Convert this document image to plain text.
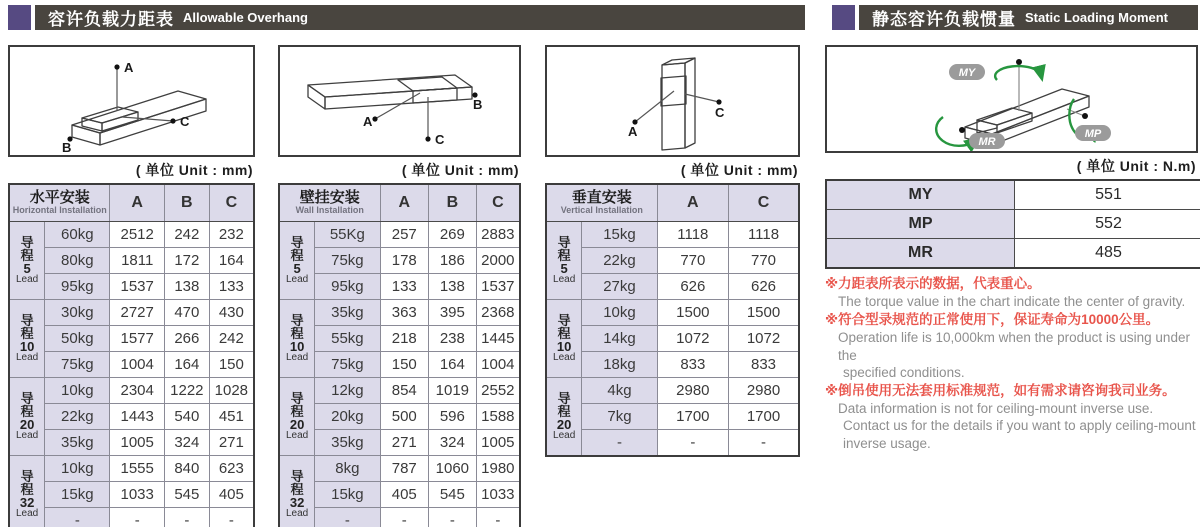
容许负载力距表 Allowable Overhang	静态容许负载惯量 Static Loading Moment
A
C
B
( 单位 Unit : mm)
水平安装
Horizontal Installation		A	B	C

导
程
5
Lead	60kg	2512	242	232
	80kg	1811	172	164
	95kg	1537	138	133

导
程
10
Lead	30kg	2727	470	430
	50kg	1577	266	242
	75kg	1004	164	150

导
程
20
Lead	10kg	2304	1222	1028
	22kg	1443	540	451
	35kg	1005	324	271

导
程
32
Lead	10kg	1555	840	623
	15kg	1033	545	405
	-	-	-	-
A
C
B
( 单位 Unit : mm)
壁挂安装
Wall Installation		A	B	C

导
程
5
Lead	55Kg	257	269	2883
	75kg	178	186	2000
	95kg	133	138	1537

导
程
10
Lead	35kg	363	395	2368
	55kg	218	238	1445
	75kg	150	164	1004

导
程
20
Lead	12kg	854	1019	2552
	20kg	500	596	1588
	35kg	271	324	1005

导
程
32
Lead	8kg	787	1060	1980
	15kg	405	545	1033
	-	-	-	-
A
C
( 单位 Unit : mm)
垂直安装
Vertical Installation		A	C

导
程
5
Lead	15kg	1118	1118
	22kg	770	770
	27kg	626	626

导
程
10
Lead	10kg	1500	1500
	14kg	1072	1072
	18kg	833	833

导
程
20
Lead	4kg	2980	2980
	7kg	1700	1700
	-	-	-
MY
MP
MR
( 单位 Unit : N.m)
MY	551
MP	552
MR	485
※力距表所表示的数据，代表重心。
The torque value in the chart indicate the center of gravity.
※符合型录规范的正常使用下，保证寿命为10000公里。
Operation life is 10,000km when the product is using under the
specified conditions.
※倒吊使用无法套用标准规范，如有需求请咨询我司业务。
Data information is not for ceiling-mount inverse use.
Contact us for the details if you want to apply ceiling-mount
inverse usage.
